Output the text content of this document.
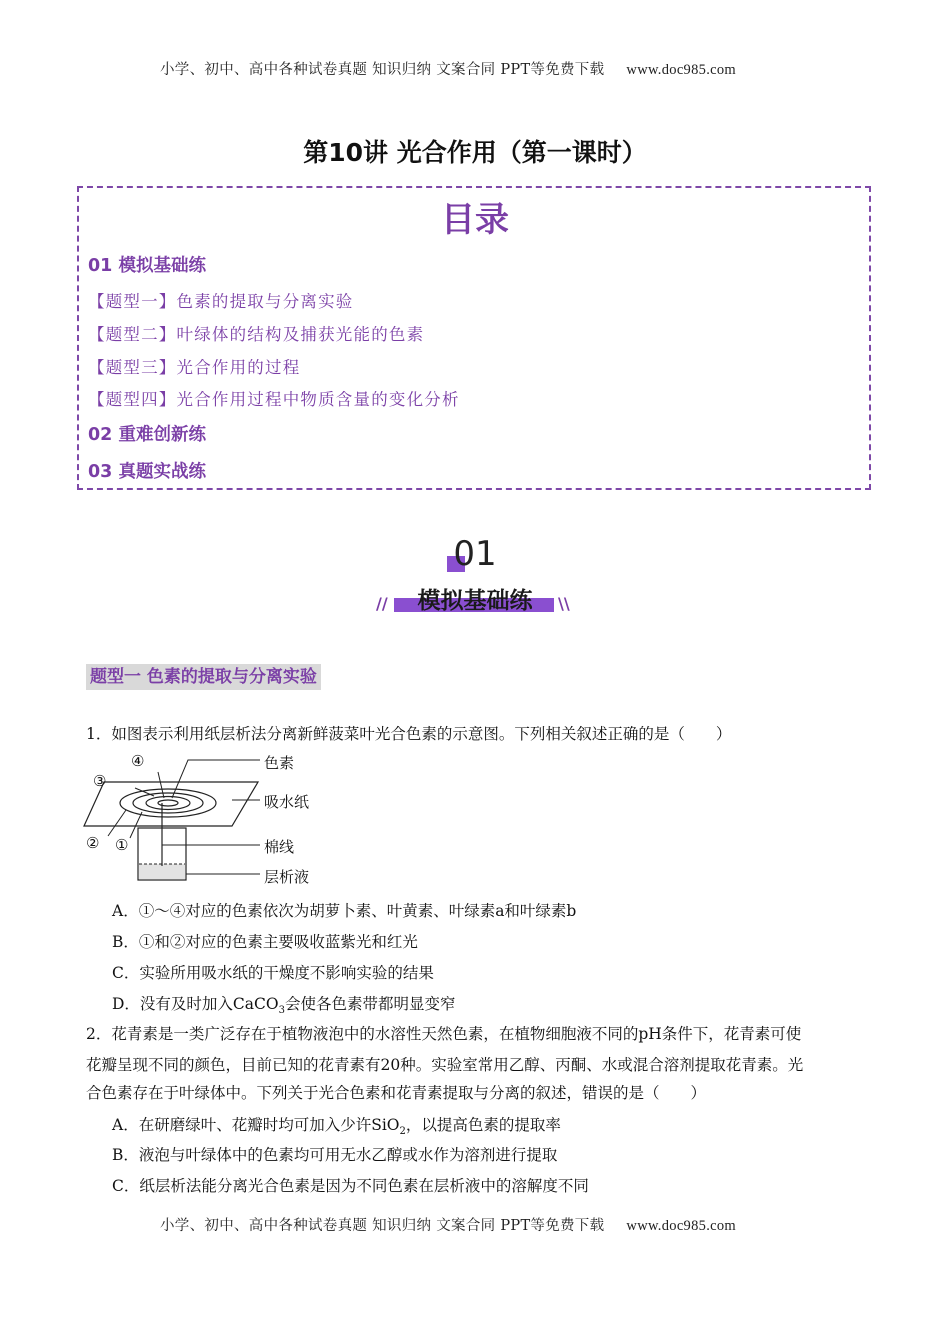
小学、初中、高中各种试卷真题 知识归纳 文案合同 PPT等免费下载 www.doc985.com
第10讲 光合作用（第一课时）
目录
01 模拟基础练
【题型一】色素的提取与分离实验
【题型二】叶绿体的结构及捕获光能的色素
【题型三】光合作用的过程
【题型四】光合作用过程中物质含量的变化分析
02 重难创新练
03 真题实战练
01
模拟基础练
//	\\
题型一 色素的提取与分离实验
1．如图表示利用纸层析法分离新鲜菠菜叶光合色素的示意图。下列相关叙述正确的是（　　）
④
③
② ①
色素
吸水纸
棉线
层析液
A．①～④对应的色素依次为胡萝卜素、叶黄素、叶绿素a和叶绿素b
B．①和②对应的色素主要吸收蓝紫光和红光
C．实验所用吸水纸的干燥度不影响实验的结果
D．没有及时加入CaCO$_3$会使各色素带都明显变窄
2．花青素是一类广泛存在于植物液泡中的水溶性天然色素，在植物细胞液不同的pH条件下，花青素可使
花瓣呈现不同的颜色，目前已知的花青素有20种。实验室常用乙醇、丙酮、水或混合溶剂提取花青素。光
合色素存在于叶绿体中。下列关于光合色素和花青素提取与分离的叙述，错误的是（　　）
A．在研磨绿叶、花瓣时均可加入少许SiO$_2$，以提高色素的提取率
B．液泡与叶绿体中的色素均可用无水乙醇或水作为溶剂进行提取
C．纸层析法能分离光合色素是因为不同色素在层析液中的溶解度不同
小学、初中、高中各种试卷真题 知识归纳 文案合同 PPT等免费下载 www.doc985.com
